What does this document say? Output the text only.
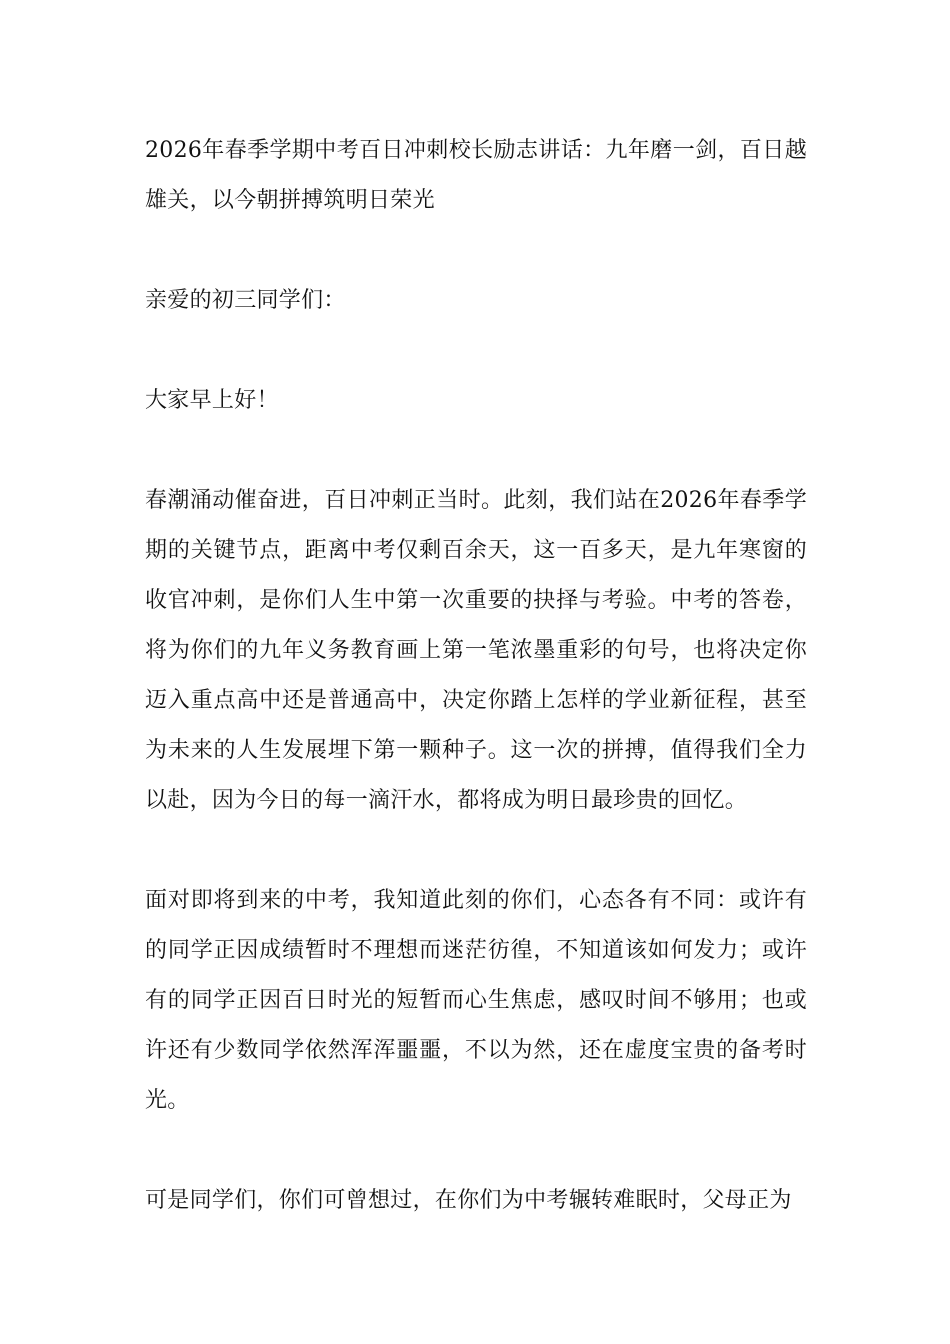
2026年春季学期中考百日冲刺校长励志讲话：九年磨一剑，百日越雄关，以今朝拼搏筑明日荣光

亲爱的初三同学们：

大家早上好！

春潮涌动催奋进，百日冲刺正当时。此刻，我们站在2026年春季学期的关键节点，距离中考仅剩百余天，这一百多天，是九年寒窗的收官冲刺，是你们人生中第一次重要的抉择与考验。中考的答卷，将为你们的九年义务教育画上第一笔浓墨重彩的句号，也将决定你迈入重点高中还是普通高中，决定你踏上怎样的学业新征程，甚至为未来的人生发展埋下第一颗种子。这一次的拼搏，值得我们全力以赴，因为今日的每一滴汗水，都将成为明日最珍贵的回忆。

面对即将到来的中考，我知道此刻的你们，心态各有不同：或许有的同学正因成绩暂时不理想而迷茫彷徨，不知道该如何发力；或许有的同学正因百日时光的短暂而心生焦虑，感叹时间不够用；也或许还有少数同学依然浑浑噩噩，不以为然，还在虚度宝贵的备考时光。

可是同学们，你们可曾想过，在你们为中考辗转难眠时，父母正为
